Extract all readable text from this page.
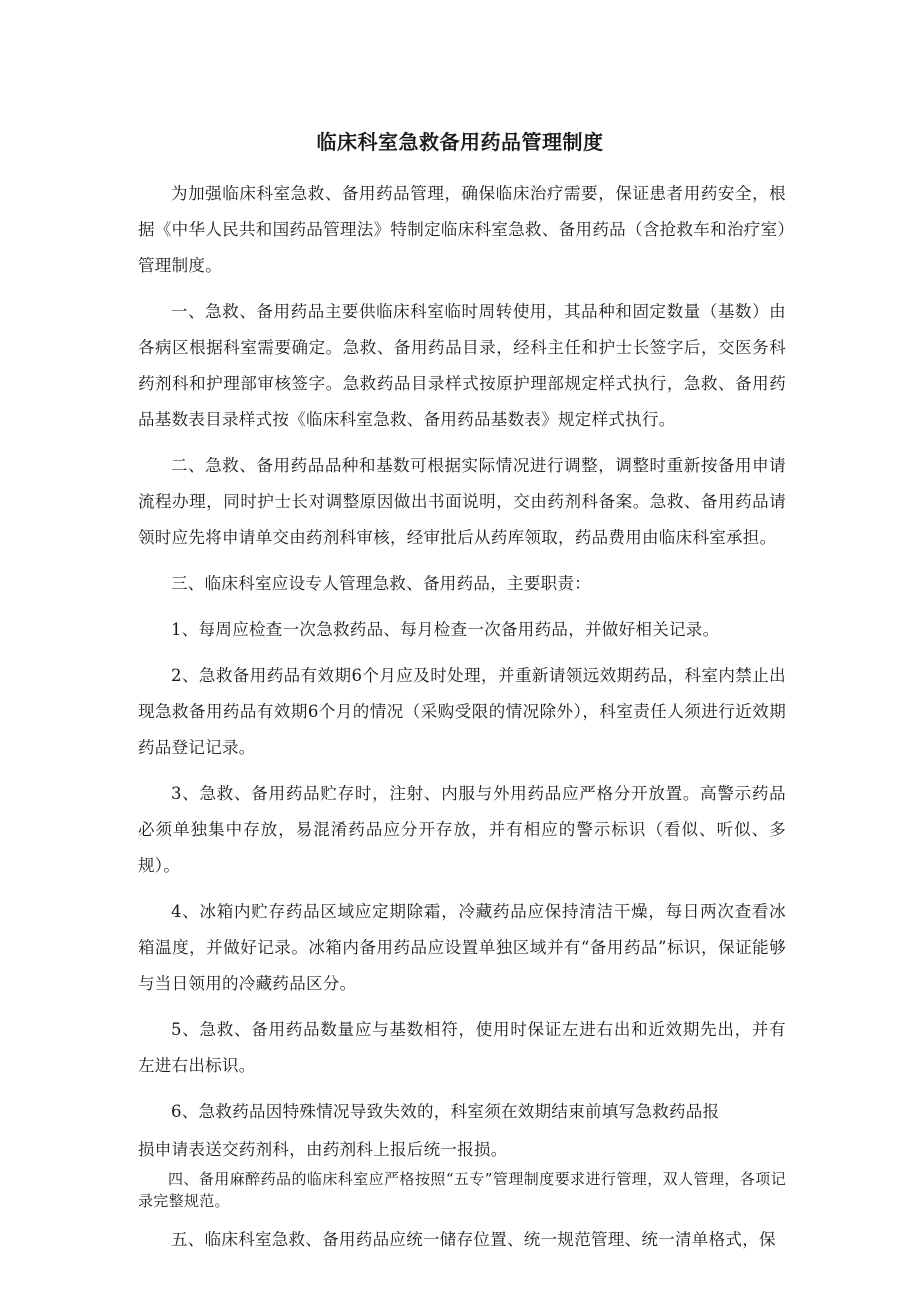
临床科室急救备用药品管理制度

为加强临床科室急救、备用药品管理，确保临床治疗需要，保证患者用药安全，根据《中华人民共和国药品管理法》特制定临床科室急救、备用药品（含抢救车和治疗室）管理制度。

一、急救、备用药品主要供临床科室临时周转使用，其品种和固定数量（基数）由各病区根据科室需要确定。急救、备用药品目录，经科主任和护士长签字后，交医务科药剂科和护理部审核签字。急救药品目录样式按原护理部规定样式执行，急救、备用药品基数表目录样式按《临床科室急救、备用药品基数表》规定样式执行。

二、急救、备用药品品种和基数可根据实际情况进行调整，调整时重新按备用申请流程办理，同时护士长对调整原因做出书面说明，交由药剂科备案。急救、备用药品请领时应先将申请单交由药剂科审核，经审批后从药库领取，药品费用由临床科室承担。

三、临床科室应设专人管理急救、备用药品，主要职责：

1、每周应检查一次急救药品、每月检查一次备用药品，并做好相关记录。

2、急救备用药品有效期6个月应及时处理，并重新请领远效期药品，科室内禁止出现急救备用药品有效期6个月的情况（采购受限的情况除外），科室责任人须进行近效期药品登记记录。

3、急救、备用药品贮存时，注射、内服与外用药品应严格分开放置。高警示药品必须单独集中存放，易混淆药品应分开存放，并有相应的警示标识（看似、听似、多规）。

4、冰箱内贮存药品区域应定期除霜，冷藏药品应保持清洁干燥，每日两次查看冰箱温度，并做好记录。冰箱内备用药品应设置单独区域并有“备用药品”标识，保证能够与当日领用的冷藏药品区分。

5、急救、备用药品数量应与基数相符，使用时保证左进右出和近效期先出，并有左进右出标识。

6、急救药品因特殊情况导致失效的，科室须在效期结束前填写急救药品报

损申请表送交药剂科，由药剂科上报后统一报损。

四、备用麻醉药品的临床科室应严格按照“五专”管理制度要求进行管理，双人管理，各项记录完整规范。

五、临床科室急救、备用药品应统一储存位置、统一规范管理、统一清单格式，保
